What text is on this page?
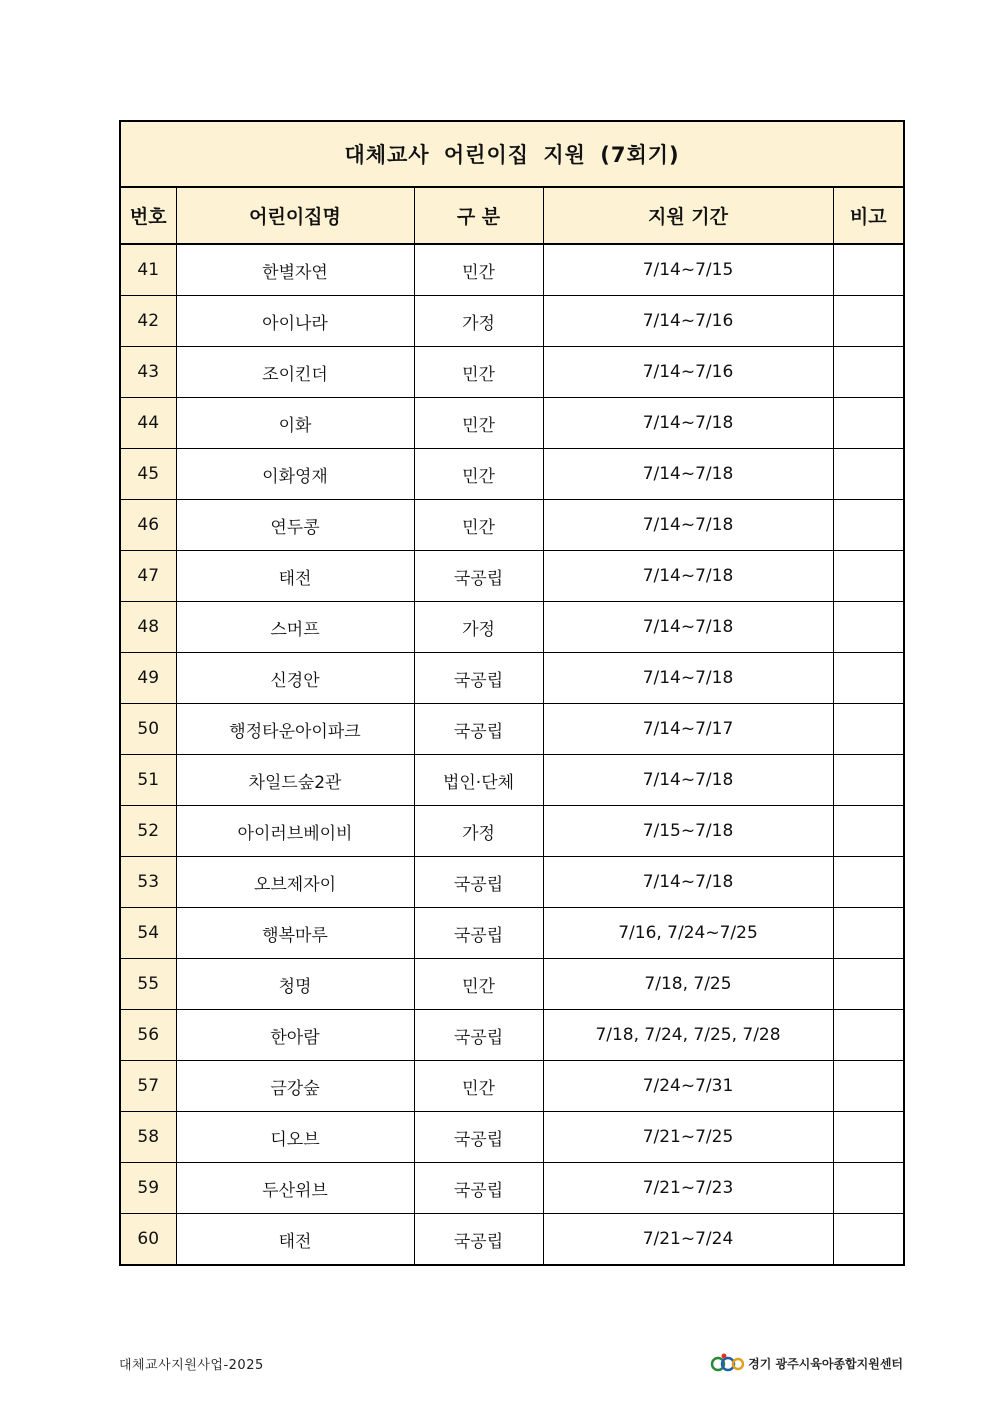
대체교사 어린이집 지원 (7회기)				
번호	어린이집명	구 분	지원 기간	비고
41	한별자연	민간	7/14~7/15	
42	아이나라	가정	7/14~7/16	
43	조이킨더	민간	7/14~7/16	
44	이화	민간	7/14~7/18	
45	이화영재	민간	7/14~7/18	
46	연두콩	민간	7/14~7/18	
47	태전	국공립	7/14~7/18	
48	스머프	가정	7/14~7/18	
49	신경안	국공립	7/14~7/18	
50	행정타운아이파크	국공립	7/14~7/17	
51	차일드숲2관	법인·단체	7/14~7/18	
52	아이러브베이비	가정	7/15~7/18	
53	오브제자이	국공립	7/14~7/18	
54	행복마루	국공립	7/16, 7/24~7/25	
55	청명	민간	7/18, 7/25	
56	한아람	국공립	7/18, 7/24, 7/25, 7/28	
57	금강숲	민간	7/24~7/31	
58	디오브	국공립	7/21~7/25	
59	두산위브	국공립	7/21~7/23	
60	태전	국공립	7/21~7/24	
대체교사지원사업-2025	경기 광주시육아종합지원센터
